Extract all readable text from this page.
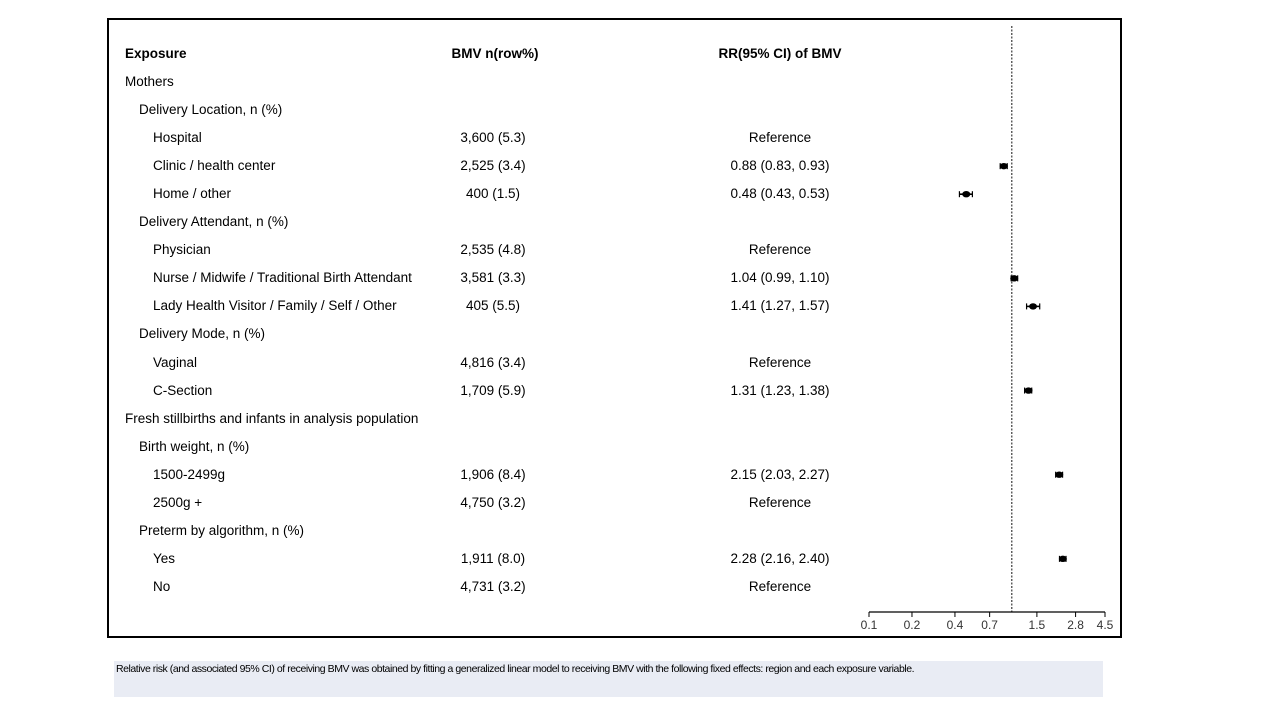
Exposure	BMV n(row%)	RR(95% CI) of BMV
Mothers
Delivery Location, n (%)
Hospital	3,600 (5.3)	Reference
Clinic / health center	2,525 (3.4)	0.88 (0.83, 0.93)
Home / other	400 (1.5)	0.48 (0.43, 0.53)
Delivery Attendant, n (%)
Physician	2,535 (4.8)	Reference
Nurse / Midwife / Traditional Birth Attendant	3,581 (3.3)	1.04 (0.99, 1.10)
Lady Health Visitor / Family / Self / Other	405 (5.5)	1.41 (1.27, 1.57)
Delivery Mode, n (%)
Vaginal	4,816 (3.4)	Reference
C-Section	1,709 (5.9)	1.31 (1.23, 1.38)
Fresh stillbirths and infants in analysis population
Birth weight, n (%)
1500-2499g	1,906 (8.4)	2.15 (2.03, 2.27)
2500g +	4,750 (3.2)	Reference
Preterm by algorithm, n (%)
Yes	1,911 (8.0)	2.28 (2.16, 2.40)
No	4,731 (3.2)	Reference
0.1 0.2 0.4 0.7	1.5 2.8 4.5
Relative risk (and associated 95% CI) of receiving BMV was obtained by fitting a generalized linear model to receiving BMV with the following fixed effects: region and each exposure variable.
